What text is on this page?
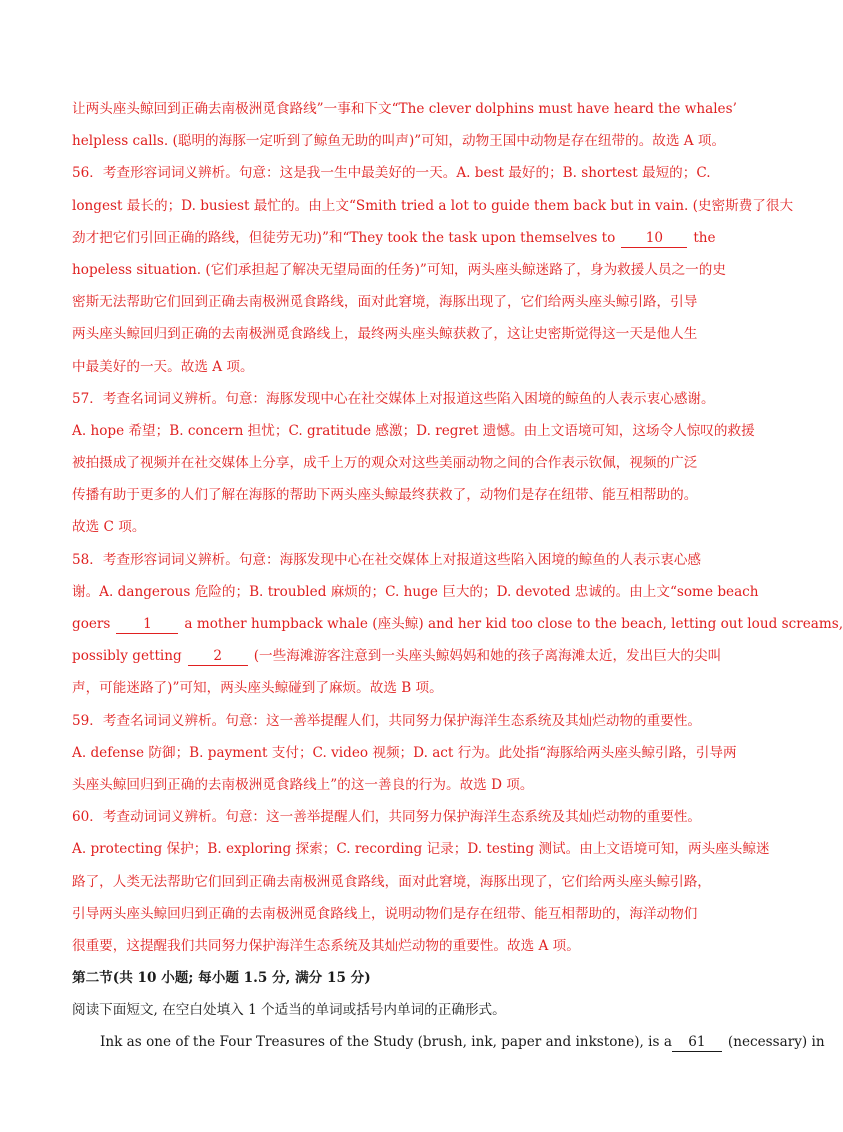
让两头座头鲸回到正确去南极洲觅食路线”一事和下文“The clever dolphins must have heard the whales’
helpless calls. (聪明的海豚一定听到了鲸鱼无助的叫声)”可知，动物王国中动物是存在纽带的。故选 A 项。
56．考查形容词词义辨析。句意：这是我一生中最美好的一天。A. best 最好的；B. shortest 最短的；C.
longest 最长的；D. busiest 最忙的。由上文“Smith tried a lot to guide them back but in vain. (史密斯费了很大
劲才把它们引回正确的路线，但徒劳无功)”和“They took the task upon themselves to 10 the
hopeless situation. (它们承担起了解决无望局面的任务)”可知，两头座头鲸迷路了，身为救援人员之一的史
密斯无法帮助它们回到正确去南极洲觅食路线，面对此窘境，海豚出现了，它们给两头座头鲸引路，引导
两头座头鲸回归到正确的去南极洲觅食路线上，最终两头座头鲸获救了，这让史密斯觉得这一天是他人生
中最美好的一天。故选 A 项。
57．考查名词词义辨析。句意：海豚发现中心在社交媒体上对报道这些陷入困境的鲸鱼的人表示衷心感谢。
A. hope 希望；B. concern 担忧；C. gratitude 感激；D. regret 遗憾。由上文语境可知，这场令人惊叹的救援
被拍摄成了视频并在社交媒体上分享，成千上万的观众对这些美丽动物之间的合作表示钦佩，视频的广泛
传播有助于更多的人们了解在海豚的帮助下两头座头鲸最终获救了，动物们是存在纽带、能互相帮助的。
故选 C 项。
58．考查形容词词义辨析。句意：海豚发现中心在社交媒体上对报道这些陷入困境的鲸鱼的人表示衷心感
谢。A. dangerous 危险的；B. troubled 麻烦的；C. huge 巨大的；D. devoted 忠诚的。由上文“some beach
goers 1 a mother humpback whale (座头鲸) and her kid too close to the beach, letting out loud screams,
possibly getting 2 (一些海滩游客注意到一头座头鲸妈妈和她的孩子离海滩太近，发出巨大的尖叫
声，可能迷路了)”可知，两头座头鲸碰到了麻烦。故选 B 项。
59．考查名词词义辨析。句意：这一善举提醒人们，共同努力保护海洋生态系统及其灿烂动物的重要性。
A. defense 防御；B. payment 支付；C. video 视频；D. act 行为。此处指“海豚给两头座头鲸引路，引导两
头座头鲸回归到正确的去南极洲觅食路线上”的这一善良的行为。故选 D 项。
60．考查动词词义辨析。句意：这一善举提醒人们，共同努力保护海洋生态系统及其灿烂动物的重要性。
A. protecting 保护；B. exploring 探索；C. recording 记录；D. testing 测试。由上文语境可知，两头座头鲸迷
路了，人类无法帮助它们回到正确去南极洲觅食路线，面对此窘境，海豚出现了，它们给两头座头鲸引路，
引导两头座头鲸回归到正确的去南极洲觅食路线上，说明动物们是存在纽带、能互相帮助的，海洋动物们
很重要，这提醒我们共同努力保护海洋生态系统及其灿烂动物的重要性。故选 A 项。
第二节(共 10 小题; 每小题 1.5 分, 满分 15 分)
阅读下面短文, 在空白处填入 1 个适当的单词或括号内单词的正确形式。
Ink as one of the Four Treasures of the Study (brush, ink, paper and inkstone), is a 61 (necessary) in
